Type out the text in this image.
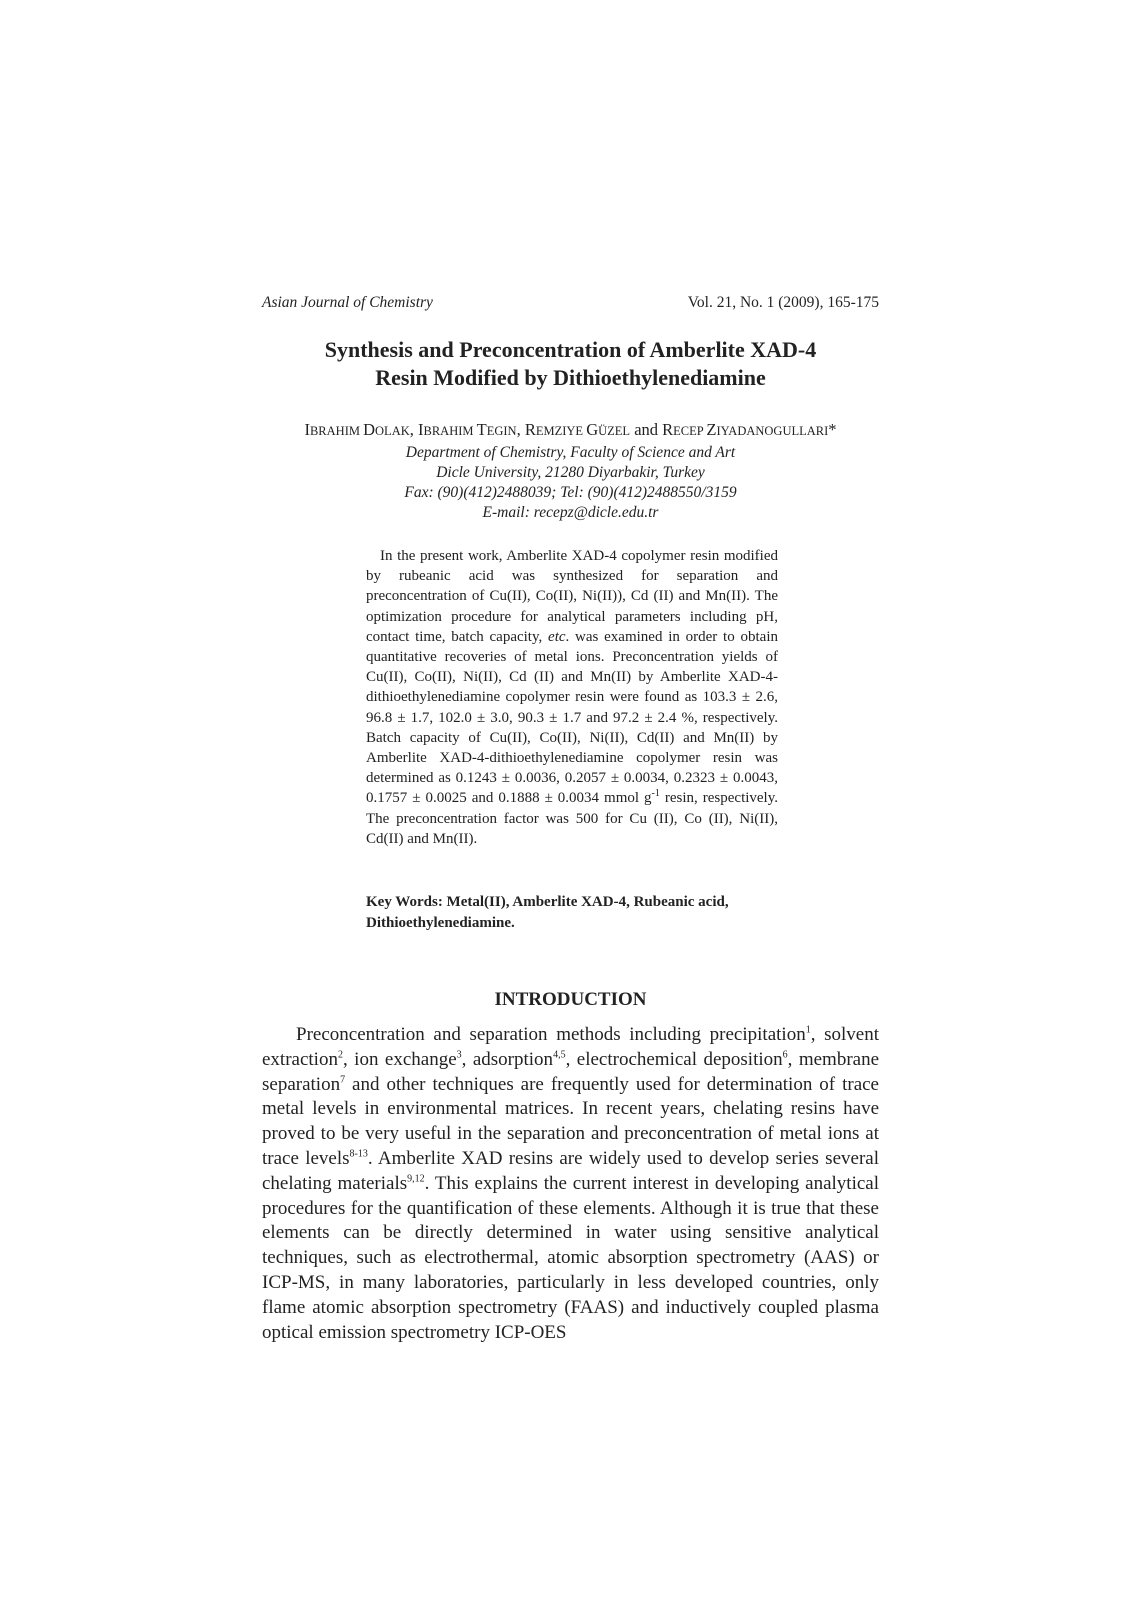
Asian Journal of Chemistry	Vol. 21, No. 1 (2009), 165-175
Synthesis and Preconcentration of Amberlite XAD-4
Resin Modified by Dithioethylenediamine
IBRAHIM DOLAK, IBRAHIM TEGIN, REMZIYE GÜZEL and RECEP ZIYADANOGULLARI*
Department of Chemistry, Faculty of Science and Art
Dicle University, 21280 Diyarbakir, Turkey
Fax: (90)(412)2488039; Tel: (90)(412)2488550/3159
E-mail: recepz@dicle.edu.tr

In the present work, Amberlite XAD-4 copolymer resin modified by rubeanic acid was synthesized for separation and preconcentration of Cu(II), Co(II), Ni(II)), Cd (II) and Mn(II). The optimization procedure for analytical parameters including pH, contact time, batch capacity, etc. was examined in order to obtain quantitative recoveries of metal ions. Preconcentration yields of Cu(II), Co(II), Ni(II), Cd (II) and Mn(II) by Amberlite XAD-4-dithioethylenediamine copolymer resin were found as 103.3 ± 2.6, 96.8 ± 1.7, 102.0 ± 3.0, 90.3 ± 1.7 and 97.2 ± 2.4 %, respectively. Batch capacity of Cu(II), Co(II), Ni(II), Cd(II) and Mn(II) by Amberlite XAD-4-dithioethylenediamine copolymer resin was determined as 0.1243 ± 0.0036, 0.2057 ± 0.0034, 0.2323 ± 0.0043, 0.1757 ± 0.0025 and 0.1888 ± 0.0034 mmol $g^{-1}$ resin, respectively. The preconcentration factor was 500 for Cu (II), Co (II), Ni(II), Cd(II) and Mn(II).

Key Words: Metal(II), Amberlite XAD-4, Rubeanic acid, Dithioethylenediamine.
INTRODUCTION

Preconcentration and separation methods including precipitation$^1$, solvent extraction$^2$, ion exchange$^3$, adsorption$^{4,5}$, electrochemical deposition$^6$, membrane separation$^7$ and other techniques are frequently used for determination of trace metal levels in environmental matrices. In recent years, chelating resins have proved to be very useful in the separation and preconcentration of metal ions at trace levels$^{8-13}$. Amberlite XAD resins are widely used to develop series several chelating materials$^{9,12}$. This explains the current interest in developing analytical procedures for the quantification of these elements. Although it is true that these elements can be directly determined in water using sensitive analytical techniques, such as electrothermal, atomic absorption spectrometry (AAS) or ICP-MS, in many laboratories, particularly in less developed countries, only flame atomic absorption spectrometry (FAAS) and inductively coupled plasma optical emission spectrometry ICP-OES
